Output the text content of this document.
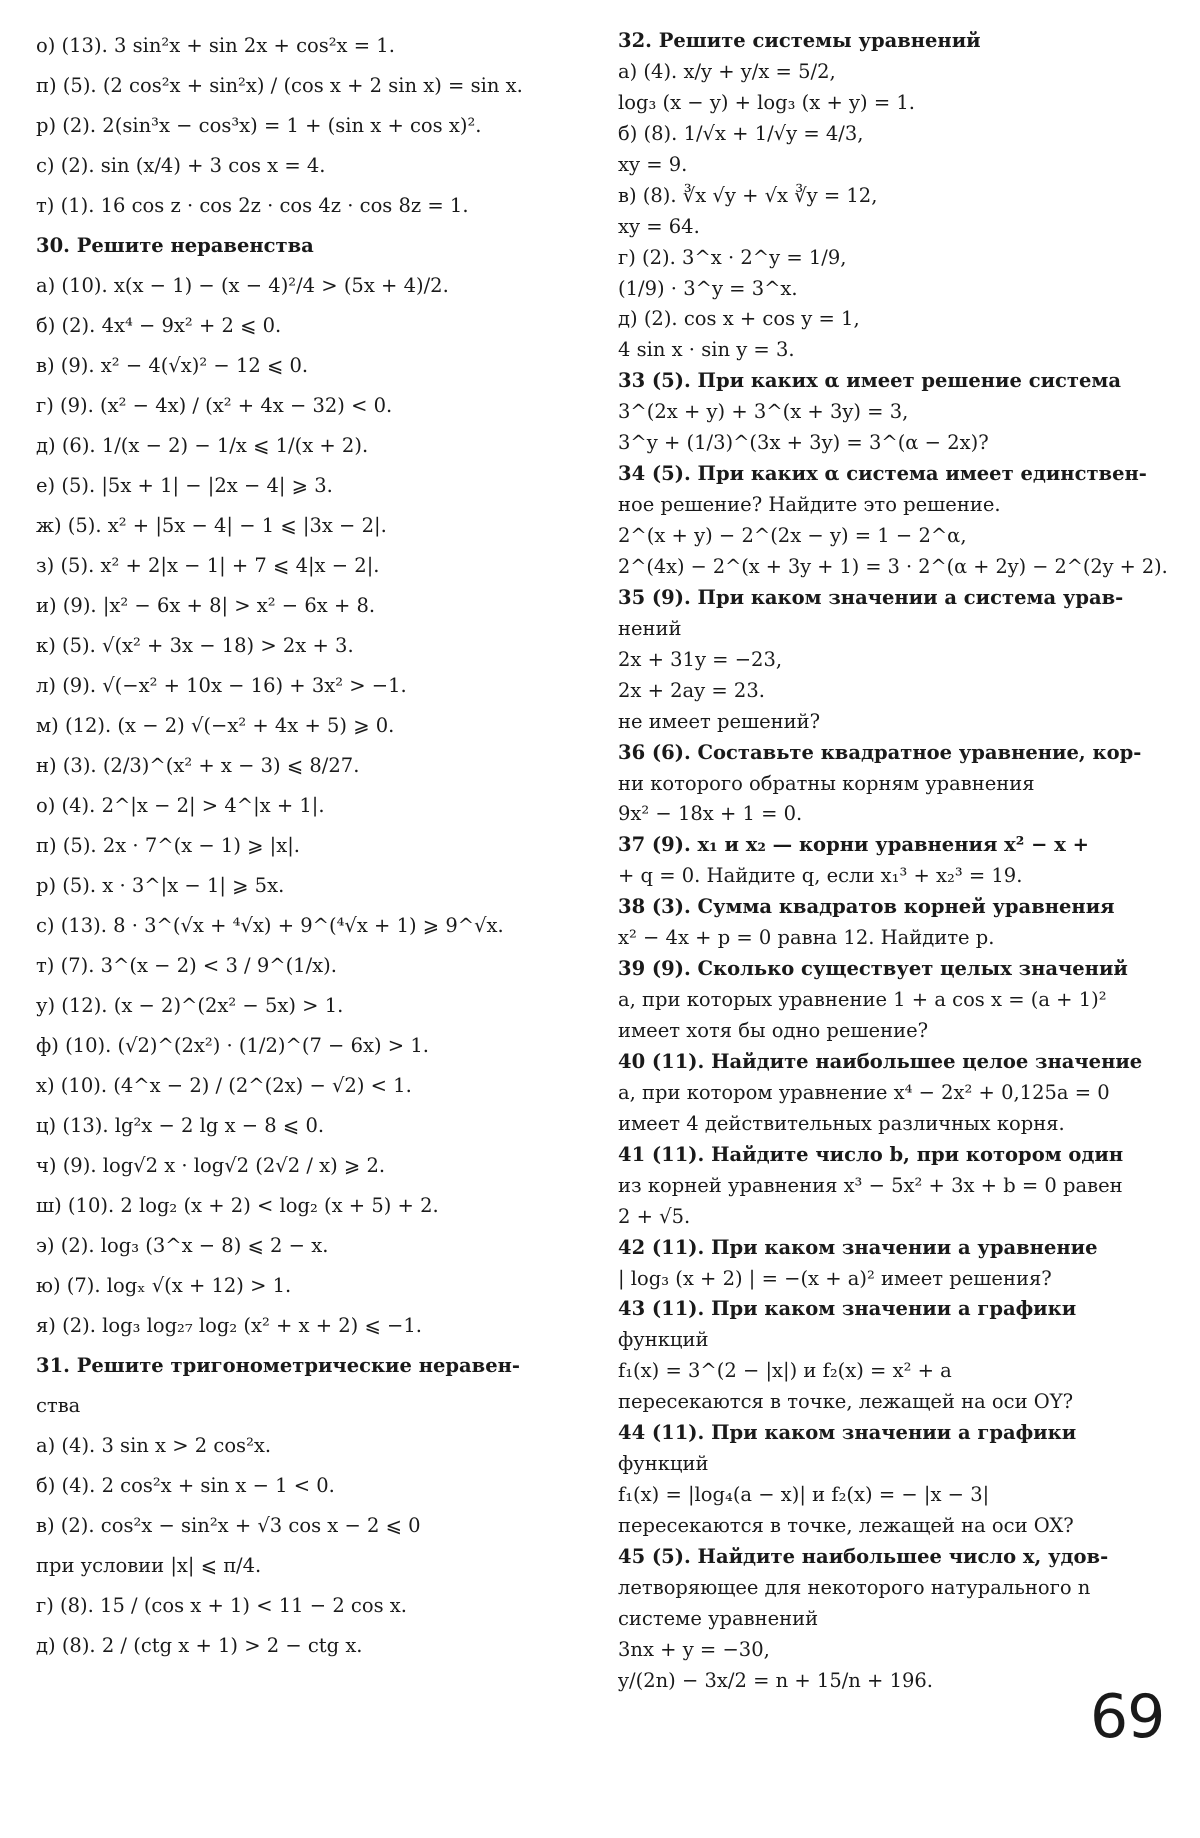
о) (13). 3 sin²x + sin 2x + cos²x = 1.
п) (5). (2 cos²x + sin²x) / (cos x + 2 sin x) = sin x.
р) (2). 2(sin³x − cos³x) = 1 + (sin x + cos x)².
с) (2). sin (x/4) + 3 cos x = 4.
т) (1). 16 cos z · cos 2z · cos 4z · cos 8z = 1.
30. Решите неравенства
а) (10). x(x − 1) − (x − 4)²/4 > (5x + 4)/2.
б) (2). 4x⁴ − 9x² + 2 ⩽ 0.
в) (9). x² − 4(√x)² − 12 ⩽ 0.
г) (9). (x² − 4x) / (x² + 4x − 32) < 0.
д) (6). 1/(x − 2) − 1/x ⩽ 1/(x + 2).
е) (5). |5x + 1| − |2x − 4| ⩾ 3.
ж) (5). x² + |5x − 4| − 1 ⩽ |3x − 2|.
з) (5). x² + 2|x − 1| + 7 ⩽ 4|x − 2|.
и) (9). |x² − 6x + 8| > x² − 6x + 8.
к) (5). √(x² + 3x − 18) > 2x + 3.
л) (9). √(−x² + 10x − 16) + 3x² > −1.
м) (12). (x − 2) √(−x² + 4x + 5) ⩾ 0.
н) (3). (2/3)^(x² + x − 3) ⩽ 8/27.
о) (4). 2^|x − 2| > 4^|x + 1|.
п) (5). 2x · 7^(x − 1) ⩾ |x|.
р) (5). x · 3^|x − 1| ⩾ 5x.
с) (13). 8 · 3^(√x + ⁴√x) + 9^(⁴√x + 1) ⩾ 9^√x.
т) (7). 3^(x − 2) < 3 / 9^(1/x).
у) (12). (x − 2)^(2x² − 5x) > 1.
ф) (10). (√2)^(2x²) · (1/2)^(7 − 6x) > 1.
х) (10). (4^x − 2) / (2^(2x) − √2) < 1.
ц) (13). lg²x − 2 lg x − 8 ⩽ 0.
ч) (9). log√2 x · log√2 (2√2 / x) ⩾ 2.
ш) (10). 2 log₂ (x + 2) < log₂ (x + 5) + 2.
э) (2). log₃ (3^x − 8) ⩽ 2 − x.
ю) (7). logₓ √(x + 12) > 1.
я) (2). log₃ log₂₇ log₂ (x² + x + 2) ⩽ −1.
31. Решите тригонометрические неравен-
ства
а) (4). 3 sin x > 2 cos²x.
б) (4). 2 cos²x + sin x − 1 < 0.
в) (2). cos²x − sin²x + √3 cos x − 2 ⩽ 0
при условии |x| ⩽ π/4.
г) (8). 15 / (cos x + 1) < 11 − 2 cos x.
д) (8). 2 / (ctg x + 1) > 2 − ctg x.
32. Решите системы уравнений
а) (4). x/y + y/x = 5/2,
log₃ (x − y) + log₃ (x + y) = 1.
б) (8). 1/√x + 1/√y = 4/3,
xy = 9.
в) (8). ∛x √y + √x ∛y = 12,
xy = 64.
г) (2). 3^x · 2^y = 1/9,
(1/9) · 3^y = 3^x.
д) (2). cos x + cos y = 1,
4 sin x · sin y = 3.
33 (5). При каких α имеет решение система
3^(2x + y) + 3^(x + 3y) = 3,
3^y + (1/3)^(3x + 3y) = 3^(α − 2x)?
34 (5). При каких α система имеет единствен-
ное решение? Найдите это решение.
2^(x + y) − 2^(2x − y) = 1 − 2^α,
2^(4x) − 2^(x + 3y + 1) = 3 · 2^(α + 2y) − 2^(2y + 2).
35 (9). При каком значении a система урав-
нений
2x + 31y = −23,
2x + 2ay = 23.
не имеет решений?
36 (6). Составьте квадратное уравнение, кор-
ни которого обратны корням уравнения
9x² − 18x + 1 = 0.
37 (9). x₁ и x₂ — корни уравнения x² − x +
+ q = 0. Найдите q, если x₁³ + x₂³ = 19.
38 (3). Сумма квадратов корней уравнения
x² − 4x + p = 0 равна 12. Найдите p.
39 (9). Сколько существует целых значений
a, при которых уравнение 1 + a cos x = (a + 1)²
имеет хотя бы одно решение?
40 (11). Найдите наибольшее целое значение
a, при котором уравнение x⁴ − 2x² + 0,125a = 0
имеет 4 действительных различных корня.
41 (11). Найдите число b, при котором один
из корней уравнения x³ − 5x² + 3x + b = 0 равен
2 + √5.
42 (11). При каком значении a уравнение
| log₃ (x + 2) | = −(x + a)² имеет решения?
43 (11). При каком значении a графики
функций
f₁(x) = 3^(2 − |x|) и f₂(x) = x² + a
пересекаются в точке, лежащей на оси OY?
44 (11). При каком значении a графики
функций
f₁(x) = |log₄(a − x)| и f₂(x) = − |x − 3|
пересекаются в точке, лежащей на оси OX?
45 (5). Найдите наибольшее число x, удов-
летворяющее для некоторого натурального n
системе уравнений
3nx + y = −30,
y/(2n) − 3x/2 = n + 15/n + 196.
69
